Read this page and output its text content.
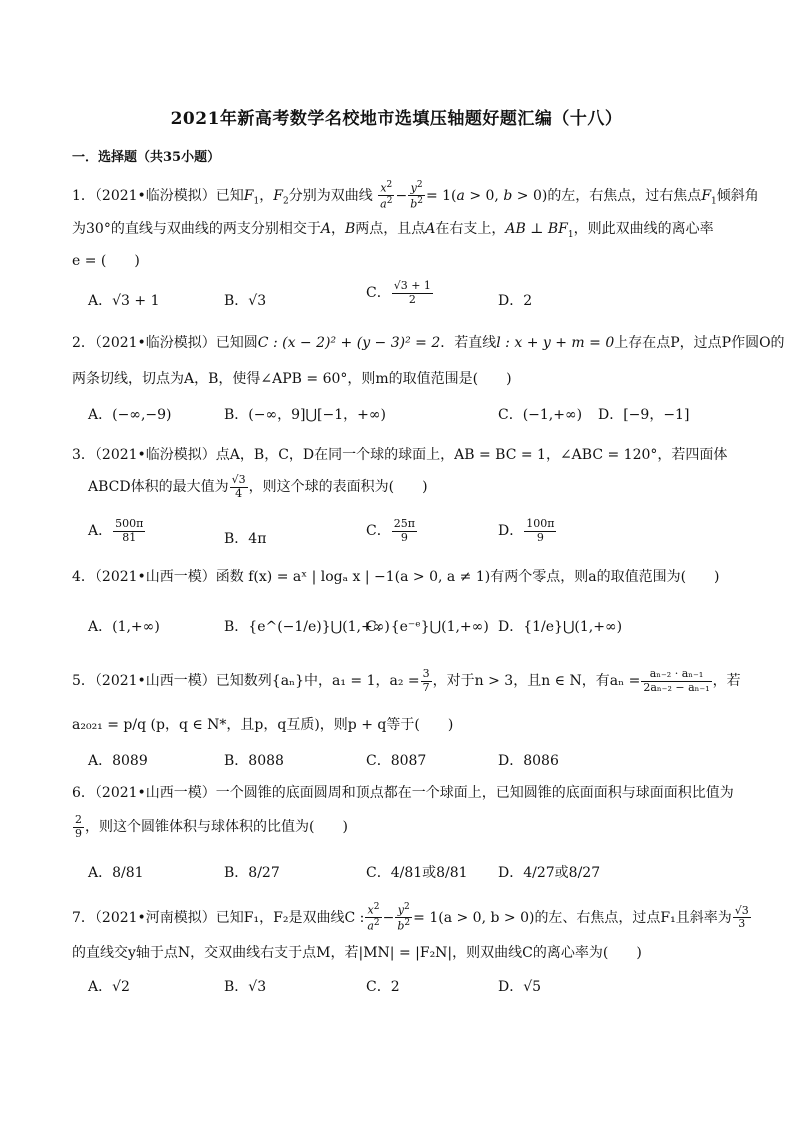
2021年新高考数学名校地市选填压轴题好题汇编（十八）
一．选择题（共35小题）
1．（2021•临汾模拟）已知$F_1$，$F_2$分别为双曲线 $\frac{x^2}{a^2} - \frac{y^2}{b^2} = 1(a > 0$, b > 0)的左，右焦点，过右焦点$F_1$倾斜角
为30°的直线与双曲线的两支分别相交于A，B两点，且点A在右支上，AB ⊥ $BF_1$，则此双曲线的离心率
e = (　　)
A．√3 + 1	B．√3	C． $\frac{√3 + 1}{2}$	D．2
2．（2021•临汾模拟）已知圆C : (x − 2)² + (y − 3)² = 2．若直线l : x + y + m = 0上存在点P，过点P作圆O的
两条切线，切点为A，B，使得∠APB = 60°，则m的取值范围是(　　)
A．(−∞,−9)	B．(−∞，9]⋃[−1，+∞)	C．(−1,+∞) D．[−9，−1]
3．（2021•临汾模拟）点A，B，C，D在同一个球的球面上，AB = BC = 1，∠ABC = 120°，若四面体
ABCD体积的最大值为 $\frac{√3}{4}$ ，则这个球的表面积为(　　)
A． $\frac{500\pi}{81}$	B．4π	C． $\frac{25\pi}{9}$	D． $\frac{100\pi}{9}$
4．（2021•山西一模）函数 f(x) = aˣ | logₐ x | −1(a > 0, a ≠ 1)有两个零点，则a的取值范围为(　　)
A．(1,+∞)	B．{e^(−1/e)}⋃(1,+∞)
C．{e⁻ᵉ}⋃(1,+∞) D．{1/e}⋃(1,+∞)
5．（2021•山西一模）已知数列{aₙ}中，a₁ = 1，$a_2 = \frac{3}{7}$ ，对于n > 3，且n ∈ N，有$a_n = \frac{\text{aₙ₋₂ · aₙ₋₁}}{\text{2aₙ₋₂ − aₙ₋₁}}$ ，若
a₂₀₂₁ = p/q (p，q ∈ N*，且p，q互质)，则p + q等于(　　)
A．8089	B．8088	C．8087	D．8086
6．（2021•山西一模）一个圆锥的底面圆周和顶点都在一个球面上，已知圆锥的底面面积与球面面积比值为
$\frac{2}{9}$ ，则这个圆锥体积与球体积的比值为(　　)
A．8/81	B．8/27	C．4/81或8/81 D．4/27或8/27
7．（2021•河南模拟）已知F₁，F₂是双曲线C : $\frac{x^2}{a^2} - \frac{y^2}{b^2} = 1(a > 0$, b > 0)的左、右焦点，过点F₁且斜率为 $\frac{√3}{3}$
的直线交y轴于点N，交双曲线右支于点M，若|MN| = |F₂N|，则双曲线C的离心率为(　　)
A．√2	B．√3	C．2	D．√5
